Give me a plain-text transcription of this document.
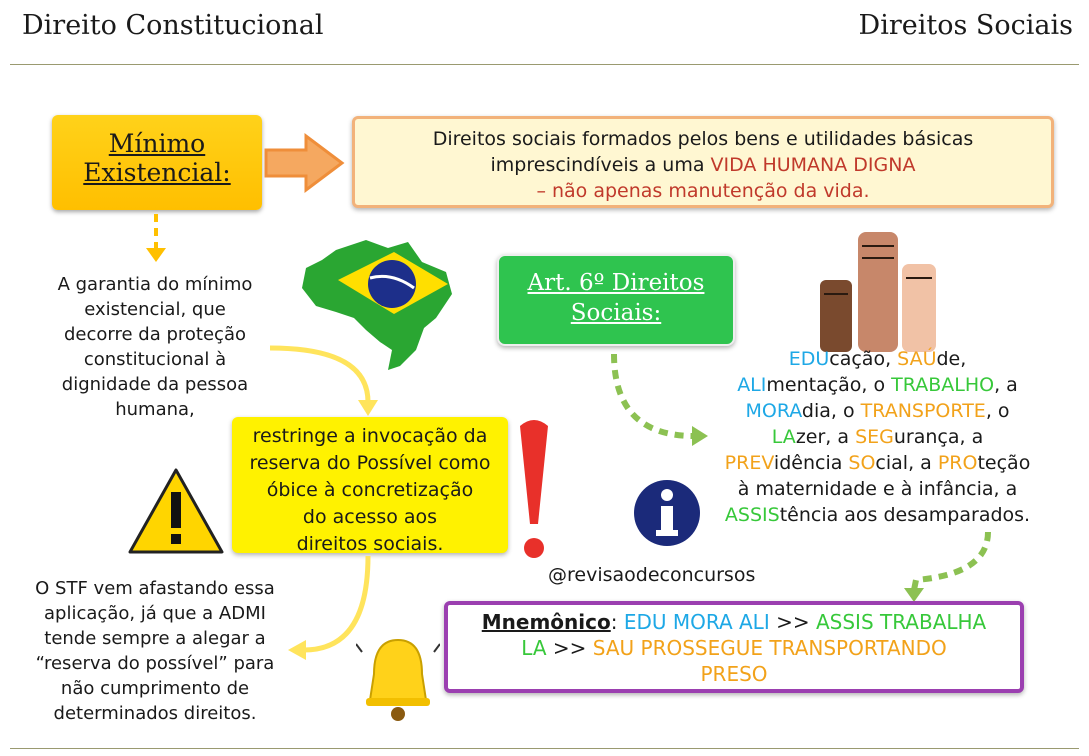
Direito Constitucional	Direitos Sociais
Mínimo
Existencial:
Direitos sociais formados pelos bens e utilidades básicas
imprescindíveis a uma VIDA HUMANA DIGNA
– não apenas manutenção da vida.
A garantia do mínimo
existencial, que
decorre da proteção
constitucional à
dignidade da pessoa
humana,
restringe a invocação da
reserva do Possível como
óbice à concretização
do acesso aos
direitos sociais.
O STF vem afastando essa
aplicação, já que a ADMI
tende sempre a alegar a
“reserva do possível” para
não cumprimento de
determinados direitos.
Art. 6º Direitos
Sociais:
EDUcação, SAÚde,
ALImentação, o TRABALHO, a
MORAdia, o TRANSPORTE, o
LAzer, a SEGurança, a
PREVidência SOcial, a PROteção
à maternidade e à infância, a
ASSIStência aos desamparados.
@revisaodeconcursos
Mnemônico: EDU MORA ALI >> ASSIS TRABALHA
LA >> SAU PROSSEGUE TRANSPORTANDO
PRESO
